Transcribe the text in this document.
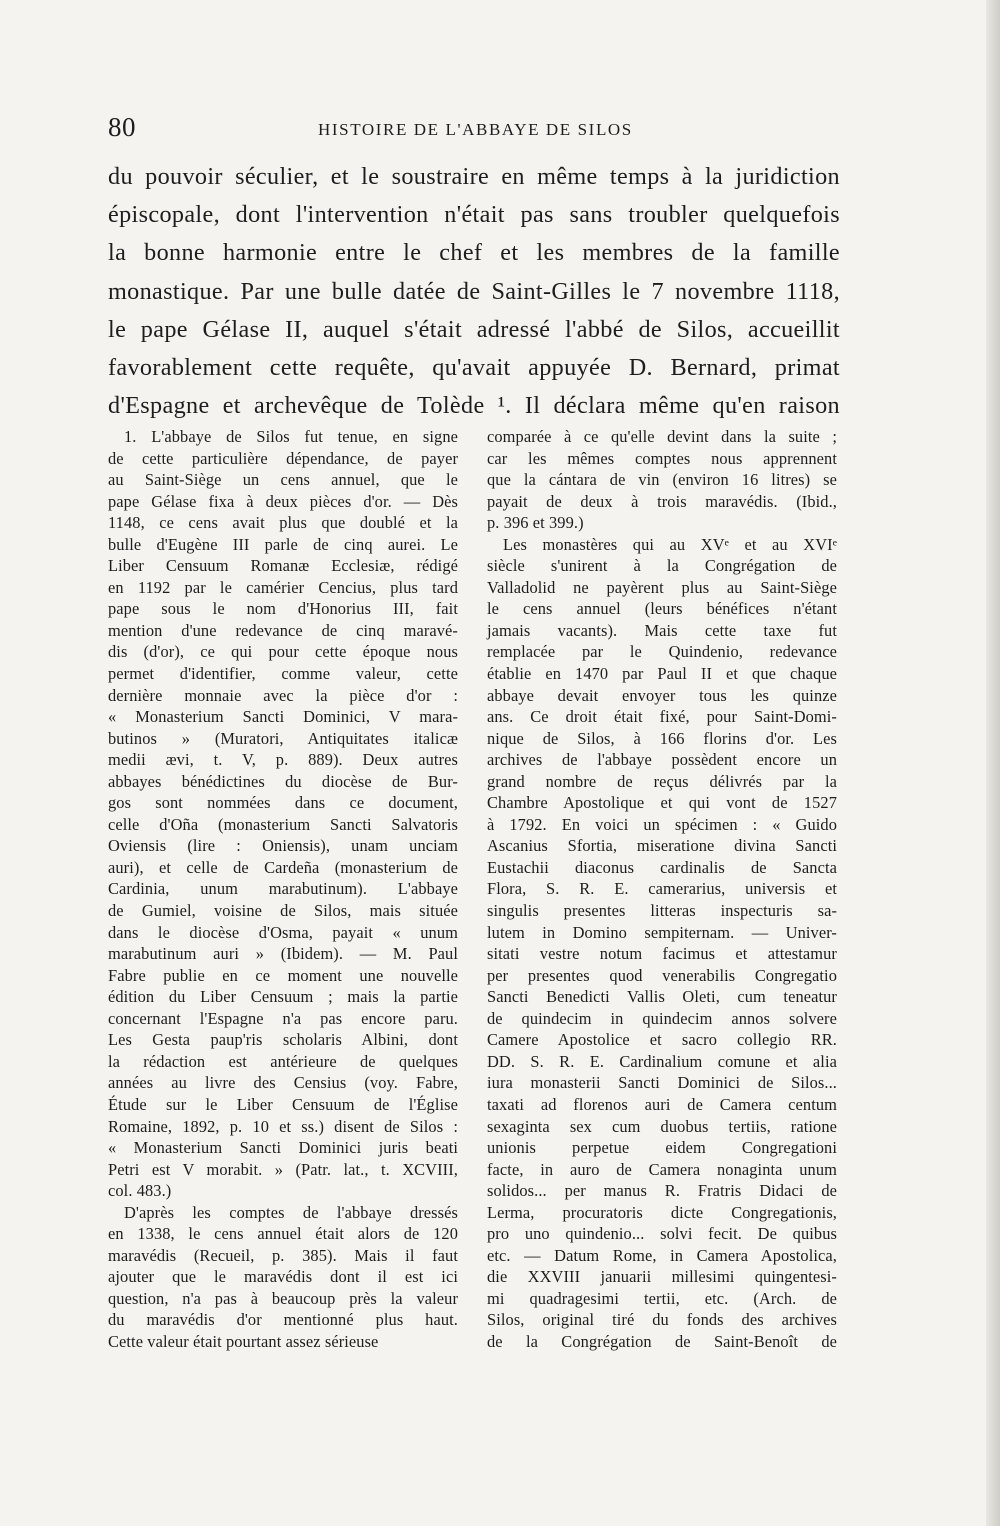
80	HISTOIRE DE L'ABBAYE DE SILOS
du pouvoir séculier, et le soustraire en même temps à la juridiction
épiscopale, dont l'intervention n'était pas sans troubler quelquefois
la bonne harmonie entre le chef et les membres de la famille
monastique. Par une bulle datée de Saint-Gilles le 7 novembre 1118,
le pape Gélase II, auquel s'était adressé l'abbé de Silos, accueillit
favorablement cette requête, qu'avait appuyée D. Bernard, primat
d'Espagne et archevêque de Tolède ¹. Il déclara même qu'en raison
1. L'abbaye de Silos fut tenue, en signe
de cette particulière dépendance, de payer
au Saint-Siège un cens annuel, que le
pape Gélase fixa à deux pièces d'or. — Dès
1148, ce cens avait plus que doublé et la
bulle d'Eugène III parle de cinq aurei. Le
Liber Censuum Romanæ Ecclesiæ, rédigé
en 1192 par le camérier Cencius, plus tard
pape sous le nom d'Honorius III, fait
mention d'une redevance de cinq maravé-
dis (d'or), ce qui pour cette époque nous
permet d'identifier, comme valeur, cette
dernière monnaie avec la pièce d'or :
« Monasterium Sancti Dominici, V mara-
butinos » (Muratori, Antiquitates italicæ
medii ævi, t. V, p. 889). Deux autres
abbayes bénédictines du diocèse de Bur-
gos sont nommées dans ce document,
celle d'Oña (monasterium Sancti Salvatoris
Oviensis (lire : Oniensis), unam unciam
auri), et celle de Cardeña (monasterium de
Cardinia, unum marabutinum). L'abbaye
de Gumiel, voisine de Silos, mais située
dans le diocèse d'Osma, payait « unum
marabutinum auri » (Ibidem). — M. Paul
Fabre publie en ce moment une nouvelle
édition du Liber Censuum ; mais la partie
concernant l'Espagne n'a pas encore paru.
Les Gesta paup'ris scholaris Albini, dont
la rédaction est antérieure de quelques
années au livre des Censius (voy. Fabre,
Étude sur le Liber Censuum de l'Église
Romaine, 1892, p. 10 et ss.) disent de Silos :
« Monasterium Sancti Dominici juris beati
Petri est V morabit. » (Patr. lat., t. XCVIII,
col. 483.)
D'après les comptes de l'abbaye dressés
en 1338, le cens annuel était alors de 120
maravédis (Recueil, p. 385). Mais il faut
ajouter que le maravédis dont il est ici
question, n'a pas à beaucoup près la valeur
du maravédis d'or mentionné plus haut.
Cette valeur était pourtant assez sérieuse
comparée à ce qu'elle devint dans la suite ;
car les mêmes comptes nous apprennent
que la cántara de vin (environ 16 litres) se
payait de deux à trois maravédis. (Ibid.,
p. 396 et 399.)
Les monastères qui au XVᵉ et au XVIᵉ
siècle s'unirent à la Congrégation de
Valladolid ne payèrent plus au Saint-Siège
le cens annuel (leurs bénéfices n'étant
jamais vacants). Mais cette taxe fut
remplacée par le Quindenio, redevance
établie en 1470 par Paul II et que chaque
abbaye devait envoyer tous les quinze
ans. Ce droit était fixé, pour Saint-Domi-
nique de Silos, à 166 florins d'or. Les
archives de l'abbaye possèdent encore un
grand nombre de reçus délivrés par la
Chambre Apostolique et qui vont de 1527
à 1792. En voici un spécimen : « Guido
Ascanius Sfortia, miseratione divina Sancti
Eustachii diaconus cardinalis de Sancta
Flora, S. R. E. camerarius, universis et
singulis presentes litteras inspecturis sa-
lutem in Domino sempiternam. — Univer-
sitati vestre notum facimus et attestamur
per presentes quod venerabilis Congregatio
Sancti Benedicti Vallis Oleti, cum teneatur
de quindecim in quindecim annos solvere
Camere Apostolice et sacro collegio RR.
DD. S. R. E. Cardinalium comune et alia
iura monasterii Sancti Dominici de Silos...
taxati ad florenos auri de Camera centum
sexaginta sex cum duobus tertiis, ratione
unionis perpetue eidem Congregationi
facte, in auro de Camera nonaginta unum
solidos... per manus R. Fratris Didaci de
Lerma, procuratoris dicte Congregationis,
pro uno quindenio... solvi fecit. De quibus
etc. — Datum Rome, in Camera Apostolica,
die XXVIII januarii millesimi quingentesi-
mi quadragesimi tertii, etc. (Arch. de
Silos, original tiré du fonds des archives
de la Congrégation de Saint-Benoît de
